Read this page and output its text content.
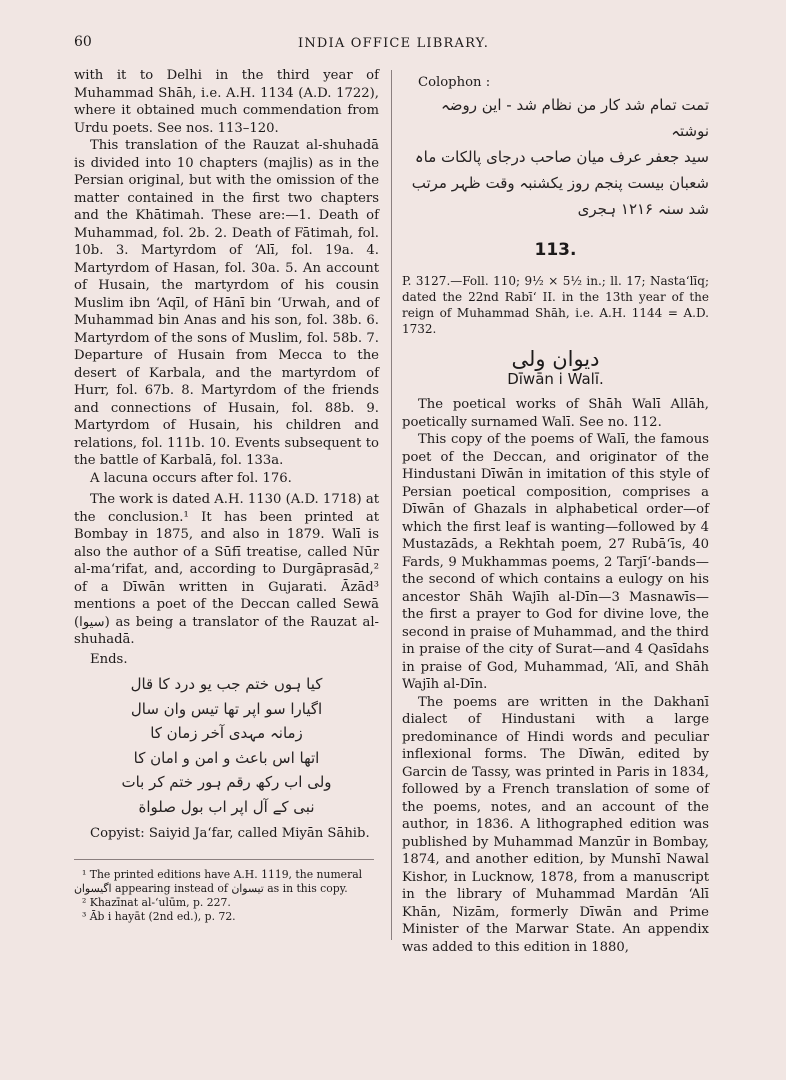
60	INDIA OFFICE LIBRARY.

with it to Delhi in the third year of Muhammad Shāh, i.e. A.H. 1134 (A.D. 1722), where it obtained much commendation from Urdu poets. See nos. 113–120.

This translation of the Rauzat al-shuhadā is divided into 10 chapters (majlis) as in the Persian original, but with the omission of the matter contained in the first two chapters and the Khātimah. These are:—1. Death of Muhammad, fol. 2b. 2. Death of Fātimah, fol. 10b. 3. Martyrdom of ‘Alī, fol. 19a. 4. Martyrdom of Hasan, fol. 30a. 5. An account of Husain, the martyrdom of his cousin Muslim ibn ‘Aqīl, of Hānī bin ‘Urwah, and of Muhammad bin Anas and his son, fol. 38b. 6. Martyrdom of the sons of Muslim, fol. 58b. 7. Departure of Husain from Mecca to the desert of Karbala, and the martyrdom of Hurr, fol. 67b. 8. Martyrdom of the friends and connections of Husain, fol. 88b. 9. Martyrdom of Husain, his children and relations, fol. 111b. 10. Events subsequent to the battle of Karbalā, fol. 133a.

A lacuna occurs after fol. 176.

The work is dated A.H. 1130 (A.D. 1718) at the conclusion.¹ It has been printed at Bombay in 1875, and also in 1879. Walī is also the author of a Sūfī treatise, called Nūr al-ma‘rifat, and, according to Durgāprasād,² of a Dīwān written in Gujarati. Āzād³ mentions a poet of the Deccan called Sewā (سیوا) as being a translator of the Rauzat al-shuhadā.

Ends.

کیا ہوں ختم جب یو درد کا قال
اگیارا سو اپر تھا تیس وان سال
زمانہ مہدی آخر زمان کا
اتھا اس باعث و امن و امان کا
ولی اب رکھ رقم ہور ختم کر بات
نبی کے آل اپر اب بول صلواة

Copyist: Saiyid Ja‘far, called Miyān Sāhib.

¹ The printed editions have A.H. 1119, the numeral اگیسوان appearing instead of تیسوان as in this copy.

² Khazīnat al-‘ulūm, p. 227.

³ Āb i hayāt (2nd ed.), p. 72.

Colophon :

تمت تمام شد کار من نظام شد - این روضہ نوشتہ
سید جعفر عرف میان صاحب درجای پالکات ماہ
شعبان بیست پنجم روز یکشنبہ وقت ظہر مرتب
شد سنہ ۱۲۱۶ ہجری
113.

P. 3127.—Foll. 110; 9½ × 5½ in.; ll. 17; Nasta‘līq; dated the 22nd Rabī‘ II. in the 13th year of the reign of Muhammad Shāh, i.e. A.H. 1144 = A.D. 1732.

دیوان ولی
Dīwān i Walī.

The poetical works of Shāh Walī Allāh, poetically surnamed Walī. See no. 112.

This copy of the poems of Walī, the famous poet of the Deccan, and originator of the Hindustani Dīwān in imitation of this style of Persian poetical composition, comprises a Dīwān of Ghazals in alphabetical order—of which the first leaf is wanting—followed by 4 Mustazāds, a Rekhtah poem, 27 Rubā‘īs, 40 Fards, 9 Mukhammas poems, 2 Tarjī‘-bands—the second of which contains a eulogy on his ancestor Shāh Wajīh al-Dīn—3 Masnawīs—the first a prayer to God for divine love, the second in praise of Muhammad, and the third in praise of the city of Surat—and 4 Qasīdahs in praise of God, Muhammad, ‘Alī, and Shāh Wajīh al-Dīn.

The poems are written in the Dakhanī dialect of Hindustani with a large predominance of Hindi words and peculiar inflexional forms. The Dīwān, edited by Garcin de Tassy, was printed in Paris in 1834, followed by a French translation of some of the poems, notes, and an account of the author, in 1836. A lithographed edition was published by Muhammad Manzūr in Bombay, 1874, and another edition, by Munshī Nawal Kishor, in Lucknow, 1878, from a manuscript in the library of Muhammad Mardān ‘Alī Khān, Nizām, formerly Dīwān and Prime Minister of the Marwar State. An appendix was added to this edition in 1880,
